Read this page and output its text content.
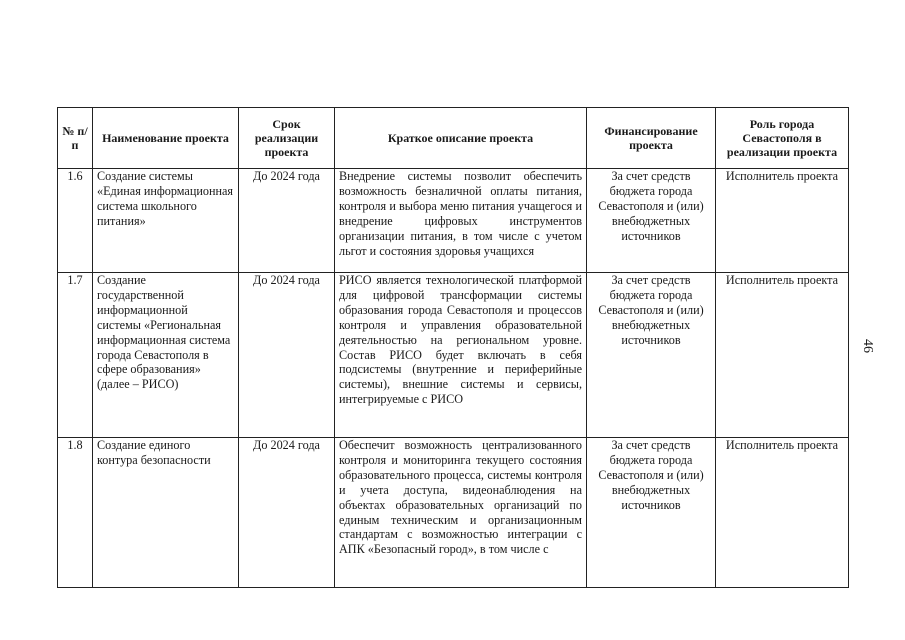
46
№ п/п	Наименование проекта	Срок реализации проекта	Краткое описание проекта	Финансирование проекта	Роль города Севастополя в реализации проекта
1.6	Создание системы «Единая информационная система школьного питания»	До 2024 года	Внедрение системы позволит обеспечить возможность безналичной оплаты питания, контроля и выбора меню питания учащегося и внедрение цифровых инструментов организации питания, в том числе с учетом льгот и состояния здоровья учащихся	За счет средств бюджета города Севастополя и (или) внебюджетных источников	Исполнитель проекта
1.7	Создание государственной информационной системы «Региональная информационная система города Севастополя в сфере образования» (далее – РИСО)	До 2024 года	РИСО является технологической платформой для цифровой трансформации системы образования города Севастополя и процессов контроля и управления образовательной деятельностью на региональном уровне. Состав РИСО будет включать в себя подсистемы (внутренние и периферийные системы), внешние системы и сервисы, интегрируемые с РИСО	За счет средств бюджета города Севастополя и (или) внебюджетных источников	Исполнитель проекта
1.8	Создание единого контура безопасности	До 2024 года	Обеспечит возможность централизованного контроля и мониторинга текущего состояния образовательного процесса, системы контроля и учета доступа, видеонаблюдения на объектах образовательных организаций по единым техническим и организационным стандартам с возможностью интеграции с АПК «Безопасный город», в том числе с	За счет средств бюджета города Севастополя и (или) внебюджетных источников	Исполнитель проекта
